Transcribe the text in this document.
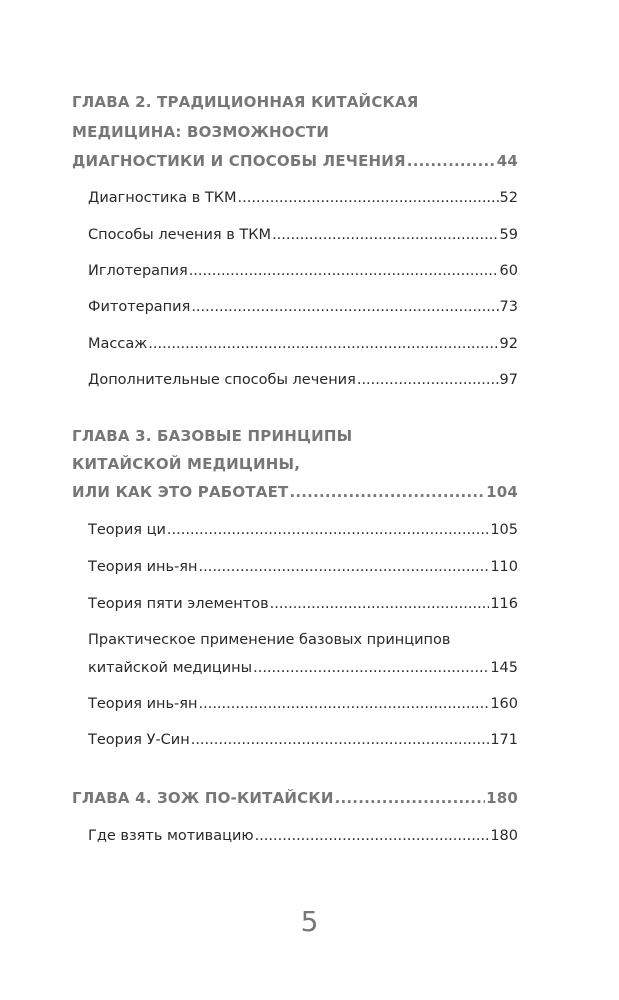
ГЛАВА 2. ТРАДИЦИОННАЯ КИТАЙСКАЯ
МЕДИЦИНА: ВОЗМОЖНОСТИ
ДИАГНОСТИКИ И СПОСОБЫ ЛЕЧЕНИЯ .....	44
Диагностика в ТКМ .....	52
Способы лечения в ТКМ .....	59
Иглотерапия .....	60
Фитотерапия .....	73
Массаж .....	92
Дополнительные способы лечения .....	97
ГЛАВА 3. БАЗОВЫЕ ПРИНЦИПЫ
КИТАЙСКОЙ МЕДИЦИНЫ,
ИЛИ КАК ЭТО РАБОТАЕТ .....	104
Теория ци .....	105
Теория инь-ян .....	110
Теория пяти элементов .....	116
Практическое применение базовых принципов
китайской медицины .....	145
Теория инь-ян .....	160
Теория У-Син .....	171
ГЛАВА 4. ЗОЖ ПО-КИТАЙСКИ .....	180
Где взять мотивацию .....	180
5
